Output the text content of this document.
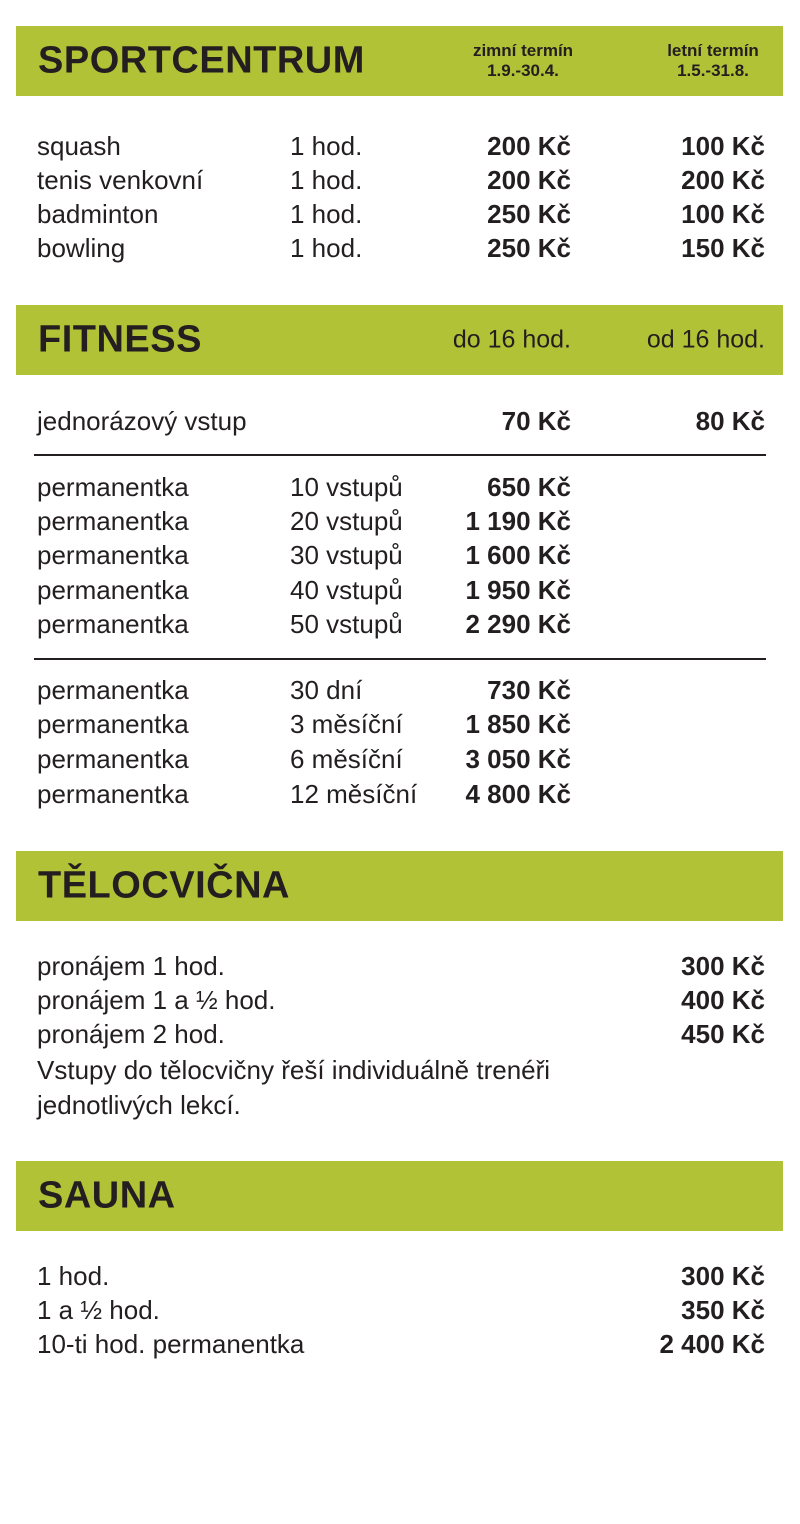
SPORTCENTRUM	zimní termín
1.9.-30.4.
letní termín
1.5.-31.8.
squash	1 hod.	200 Kč	100 Kč
tenis venkovní	1 hod.	200 Kč	200 Kč
badminton	1 hod.	250 Kč	100 Kč
bowling	1 hod.	250 Kč	150 Kč
FITNESS	do 16 hod.	od 16 hod.
jednorázový vstup	70 Kč	80 Kč
permanentka	10 vstupů	650 Kč
permanentka	20 vstupů 1 190 Kč
permanentka	30 vstupů 1 600 Kč
permanentka	40 vstupů 1 950 Kč
permanentka	50 vstupů 2 290 Kč
permanentka	30 dní	730 Kč
permanentka	3 měsíční 1 850 Kč
permanentka	6 měsíční 3 050 Kč
permanentka	12 měsíční 4 800 Kč
TĚLOCVIČNA
pronájem 1 hod.	300 Kč
pronájem 1 a ½ hod.	400 Kč
pronájem 2 hod.	450 Kč
Vstupy do tělocvičny řeší individuálně trenéři jednotlivých lekcí.
SAUNA
1 hod.	300 Kč
1 a ½ hod.	350 Kč
10-ti hod. permanentka	2 400 Kč
